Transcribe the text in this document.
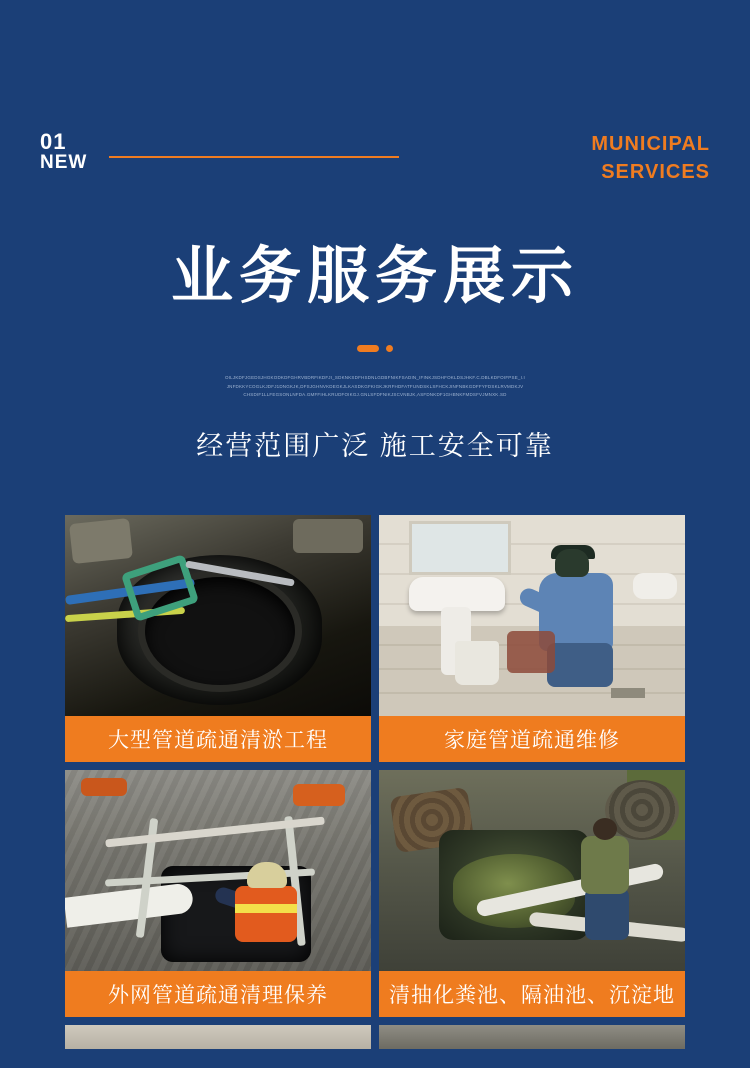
01
NEW
MUNICIPAL
SERVICES
业务服务展示
OILJKDFJGEDSJHGKODKDFGHRVBDRFIKDFJI_SDKNKSDFHSDNLGDBFNIKFSADIN_IFINKJSDHFOKLDSJHKF.C.DBLKDFOIFPSE_I.IJNFDKKYCOGLKJDFJ1DNGKJK,DFSJGHNVKDEGKJLKASDKGFKIGKJKRFHDFATFUNDSKLSFHCKJINFNBKGDFFYFDSKLRVMDKJVCHSDIF1LLFEGSONLNFDA.GMFFIHLKRUDFOIKGJ.GNLSFDFNIKJSCVNBJK,ASFDNKDF1GHBNKFMDSFVJMNXK.SD
经营范围广泛 施工安全可靠
大型管道疏通清淤工程	家庭管道疏通维修
外网管道疏通清理保养	清抽化粪池、隔油池、沉淀地
